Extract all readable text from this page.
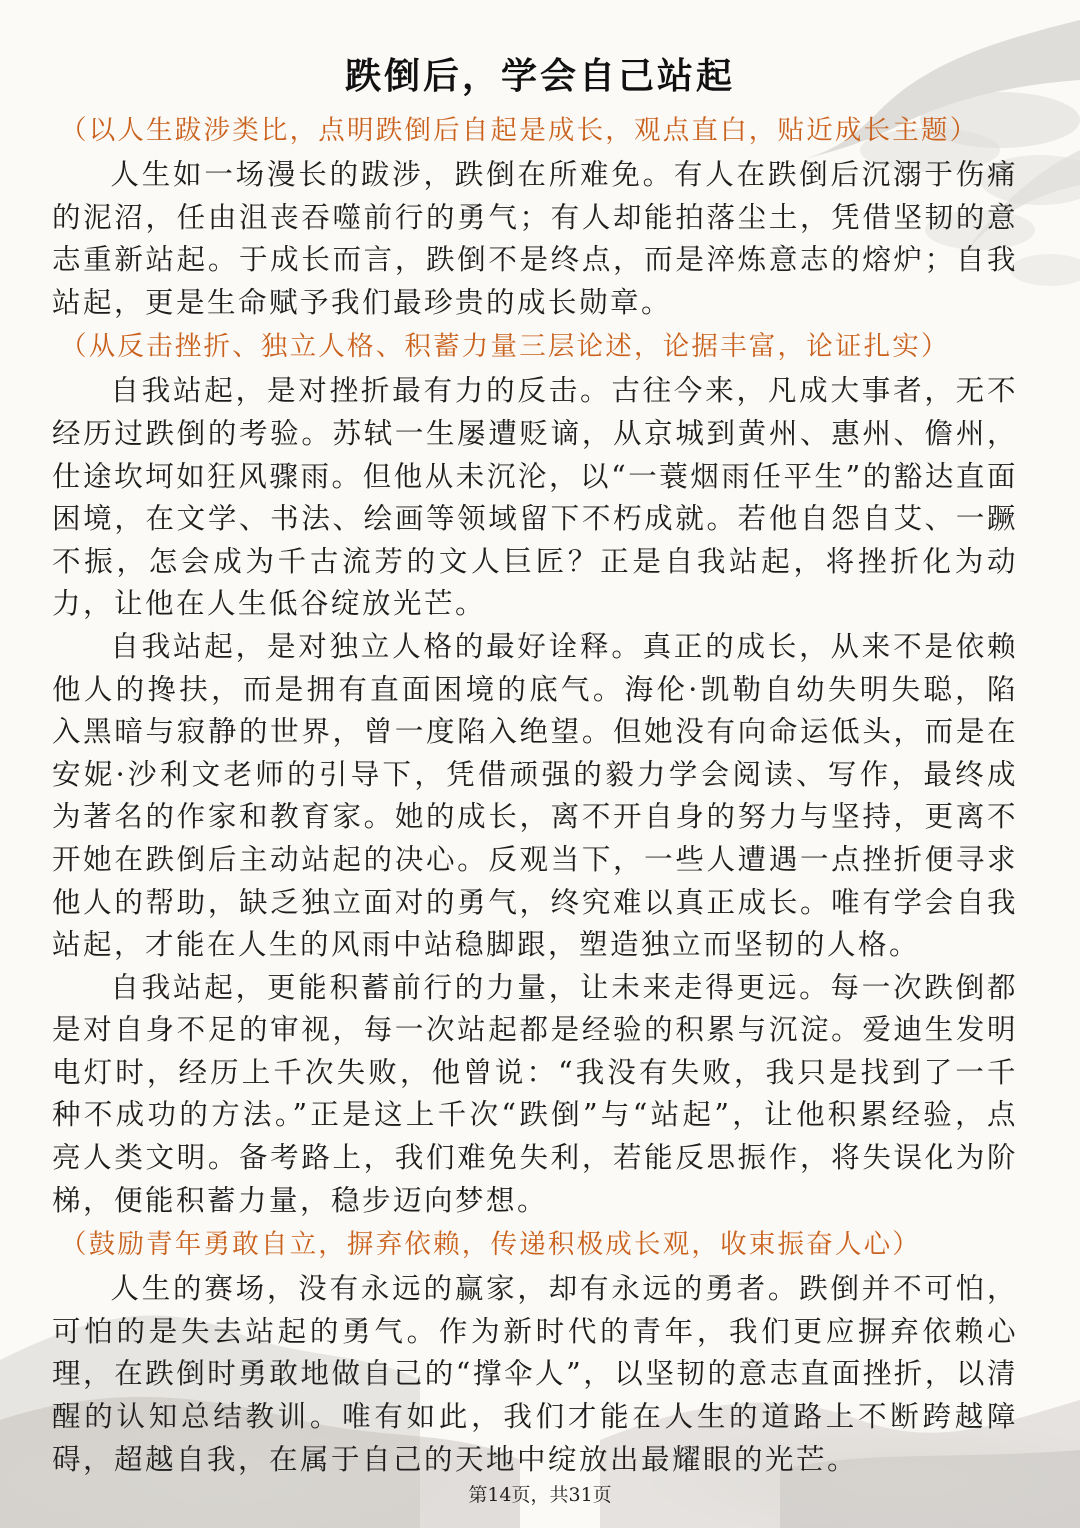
跌倒后，学会自己站起
（以人生跋涉类比，点明跌倒后自起是成长，观点直白，贴近成长主题）

人生如一场漫长的跋涉，跌倒在所难免。有人在跌倒后沉溺于伤痛的泥沼，任由沮丧吞噬前行的勇气；有人却能拍落尘土，凭借坚韧的意志重新站起。于成长而言，跌倒不是终点，而是淬炼意志的熔炉；自我站起，更是生命赋予我们最珍贵的成长勋章。

（从反击挫折、独立人格、积蓄力量三层论述，论据丰富，论证扎实）

自我站起，是对挫折最有力的反击。古往今来，凡成大事者，无不经历过跌倒的考验。苏轼一生屡遭贬谪，从京城到黄州、惠州、儋州，仕途坎坷如狂风骤雨。但他从未沉沦，以“一蓑烟雨任平生”的豁达直面困境，在文学、书法、绘画等领域留下不朽成就。若他自怨自艾、一蹶不振，怎会成为千古流芳的文人巨匠？正是自我站起，将挫折化为动力，让他在人生低谷绽放光芒。

自我站起，是对独立人格的最好诠释。真正的成长，从来不是依赖他人的搀扶，而是拥有直面困境的底气。海伦·凯勒自幼失明失聪，陷入黑暗与寂静的世界，曾一度陷入绝望。但她没有向命运低头，而是在安妮·沙利文老师的引导下，凭借顽强的毅力学会阅读、写作，最终成为著名的作家和教育家。她的成长，离不开自身的努力与坚持，更离不开她在跌倒后主动站起的决心。反观当下，一些人遭遇一点挫折便寻求他人的帮助，缺乏独立面对的勇气，终究难以真正成长。唯有学会自我站起，才能在人生的风雨中站稳脚跟，塑造独立而坚韧的人格。

自我站起，更能积蓄前行的力量，让未来走得更远。每一次跌倒都是对自身不足的审视，每一次站起都是经验的积累与沉淀。爱迪生发明电灯时，经历上千次失败，他曾说：“我没有失败，我只是找到了一千种不成功的方法。”正是这上千次“跌倒”与“站起”，让他积累经验，点亮人类文明。备考路上，我们难免失利，若能反思振作，将失误化为阶梯，便能积蓄力量，稳步迈向梦想。

（鼓励青年勇敢自立，摒弃依赖，传递积极成长观，收束振奋人心）

人生的赛场，没有永远的赢家，却有永远的勇者。跌倒并不可怕，可怕的是失去站起的勇气。作为新时代的青年，我们更应摒弃依赖心理，在跌倒时勇敢地做自己的“撑伞人”，以坚韧的意志直面挫折，以清醒的认知总结教训。唯有如此，我们才能在人生的道路上不断跨越障碍，超越自我，在属于自己的天地中绽放出最耀眼的光芒。

第14页，共31页
